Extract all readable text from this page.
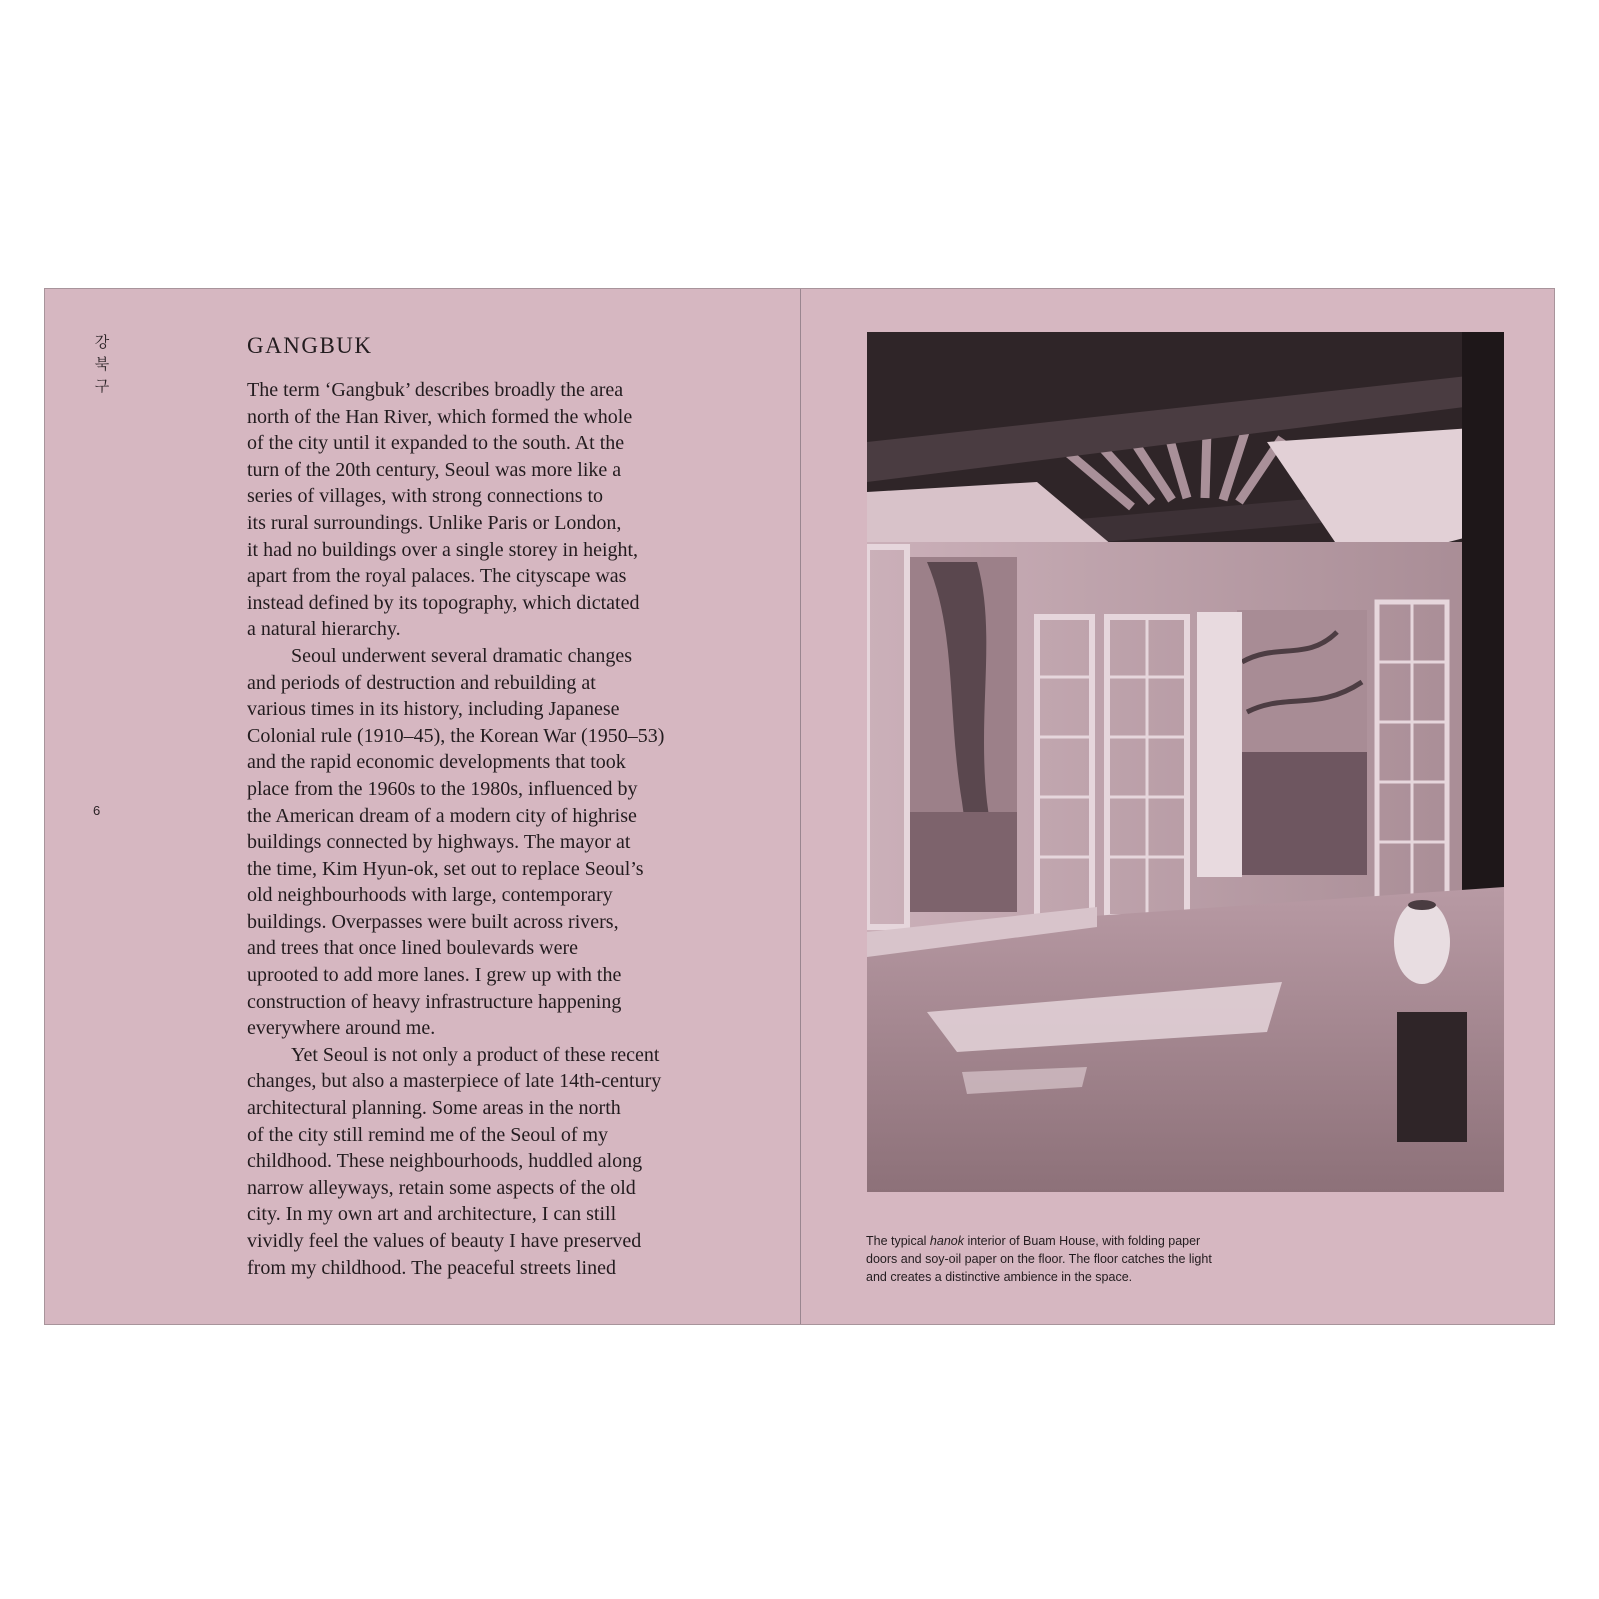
강
북
구
6
GANGBUK
The term ‘Gangbuk’ describes broadly the area
north of the Han River, which formed the whole
of the city until it expanded to the south. At the
turn of the 20th century, Seoul was more like a
series of villages, with strong connections to
its rural surroundings. Unlike Paris or London,
it had no buildings over a single storey in height,
apart from the royal palaces. The cityscape was
instead defined by its topography, which dictated
a natural hierarchy.
Seoul underwent several dramatic changes
and periods of destruction and rebuilding at
various times in its history, including Japanese
Colonial rule (1910–45), the Korean War (1950–53)
and the rapid economic developments that took
place from the 1960s to the 1980s, influenced by
the American dream of a modern city of highrise
buildings connected by highways. The mayor at
the time, Kim Hyun-ok, set out to replace Seoul’s
old neighbourhoods with large, contemporary
buildings. Overpasses were built across rivers,
and trees that once lined boulevards were
uprooted to add more lanes. I grew up with the
construction of heavy infrastructure happening
everywhere around me.
Yet Seoul is not only a product of these recent
changes, but also a masterpiece of late 14th-century
architectural planning. Some areas in the north
of the city still remind me of the Seoul of my
childhood. These neighbourhoods, huddled along
narrow alleyways, retain some aspects of the old
city. In my own art and architecture, I can still
vividly feel the values of beauty I have preserved
from my childhood. The peaceful streets lined
The typical hanok interior of Buam House, with folding paper
doors and soy-oil paper on the floor. The floor catches the light
and creates a distinctive ambience in the space.
